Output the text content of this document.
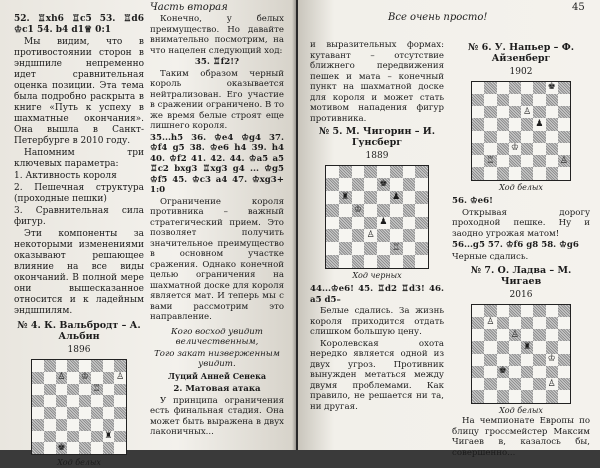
Часть вторая

52. ♖xh6 ♖c5 53. ♖d6 ♔c1 54. b4 d1♕ 0:1

Мы видим, что в противостоянии сторон в эндшпиле непременно идет сравнительная оценка позиции. Эта тема была подробно раскрыта в книге «Путь к успеху в шахматные окончания». Она вышла в Санкт-Петербурге в 2010 году.

Напомним три ключевых параметра:

1. Активность короля

2. Пешечная структура (проходные пешки)

3. Сравнительная сила фигур.

Эти компоненты за некоторыми изменениями оказывают решающее влияние на все виды окончаний. В полной мере они вышесказанное относится и к ладейным эндшпилям.

№ 4. К. Вальбродт – А. Альбин
1896
♙ ♔	♙
♖
♜
♚
Ход белых

Конечно, у белых преимущество. Но давайте внимательно посмотрим, на что нацелен следующий ход:

35. ♖f2!?

Таким образом черный король оказывается нейтрализован. Его участие в сражении ограничено. В то же время белые строят еще лишнего короля.

35...h5 36. ♔e4 ♔g4 37. ♔f4 g5 38. ♔e6 h4 39. h4 40. ♔f2 41. 42. 44. ♔a5 a5 ♖c2 bxg3 ♖xg3 g4 ... ♔g5 ♔f5 45. ♔c3 a4 47. ♔xg3+ 1:0

Ограничение короля противника – важный стратегический прием. Это позволяет получить значительное преимущество в основном участке сражения. Однако конечной целью ограничения на шахматной доске для короля является мат. И теперь мы с вами рассмотрим это направление.

Кого восход увидит величественным,

Того закат низверженным увидит.

Луций Анней Сенека

2. Матовая атака

У принципа ограничения есть финальная стадия. Она может быть выражена в двух лаконичных...

Все очень просто!
45

и выразительных формах: кутавант – отсутствие ближнего передвижения пешек и мата – конечный пункт на шахматной доске для короля и может стать мотивом нападения фигур противника.

№ 5. М. Чигорин – И. Гунсберг
1889
♚
♜	♟
♔
♟
♙
♖
Ход черных

44...♔e6! 45. ♖d2 ♖d3! 46. a5 d5–

Белые сдались. За жизнь короля приходится отдать слишком большую цену.

Королевская охота нередко является одной из двух угроз. Противник вынужден метаться между двумя проблемами. Как правило, не решается ни та, ни другая.

№ 6. У. Напьер – Ф. Айзенберг
1902
♚
♙
♟
♔
♖	♙
Ход белых

56. ♔e6!

Открывая дорогу проходной пешке. Ну и заодно угрожая матом!

56...g5 57. ♔f6 g8 58. ♔g6

Черные сдались.

№ 7. О. Ладва – М. Чигаев
2016
♙
♙
♜
♔
♚
♙
Ход белых

На чемпионате Европы по блицу гроссмейстер Максим Чигаев в, казалось бы, совершенно...
